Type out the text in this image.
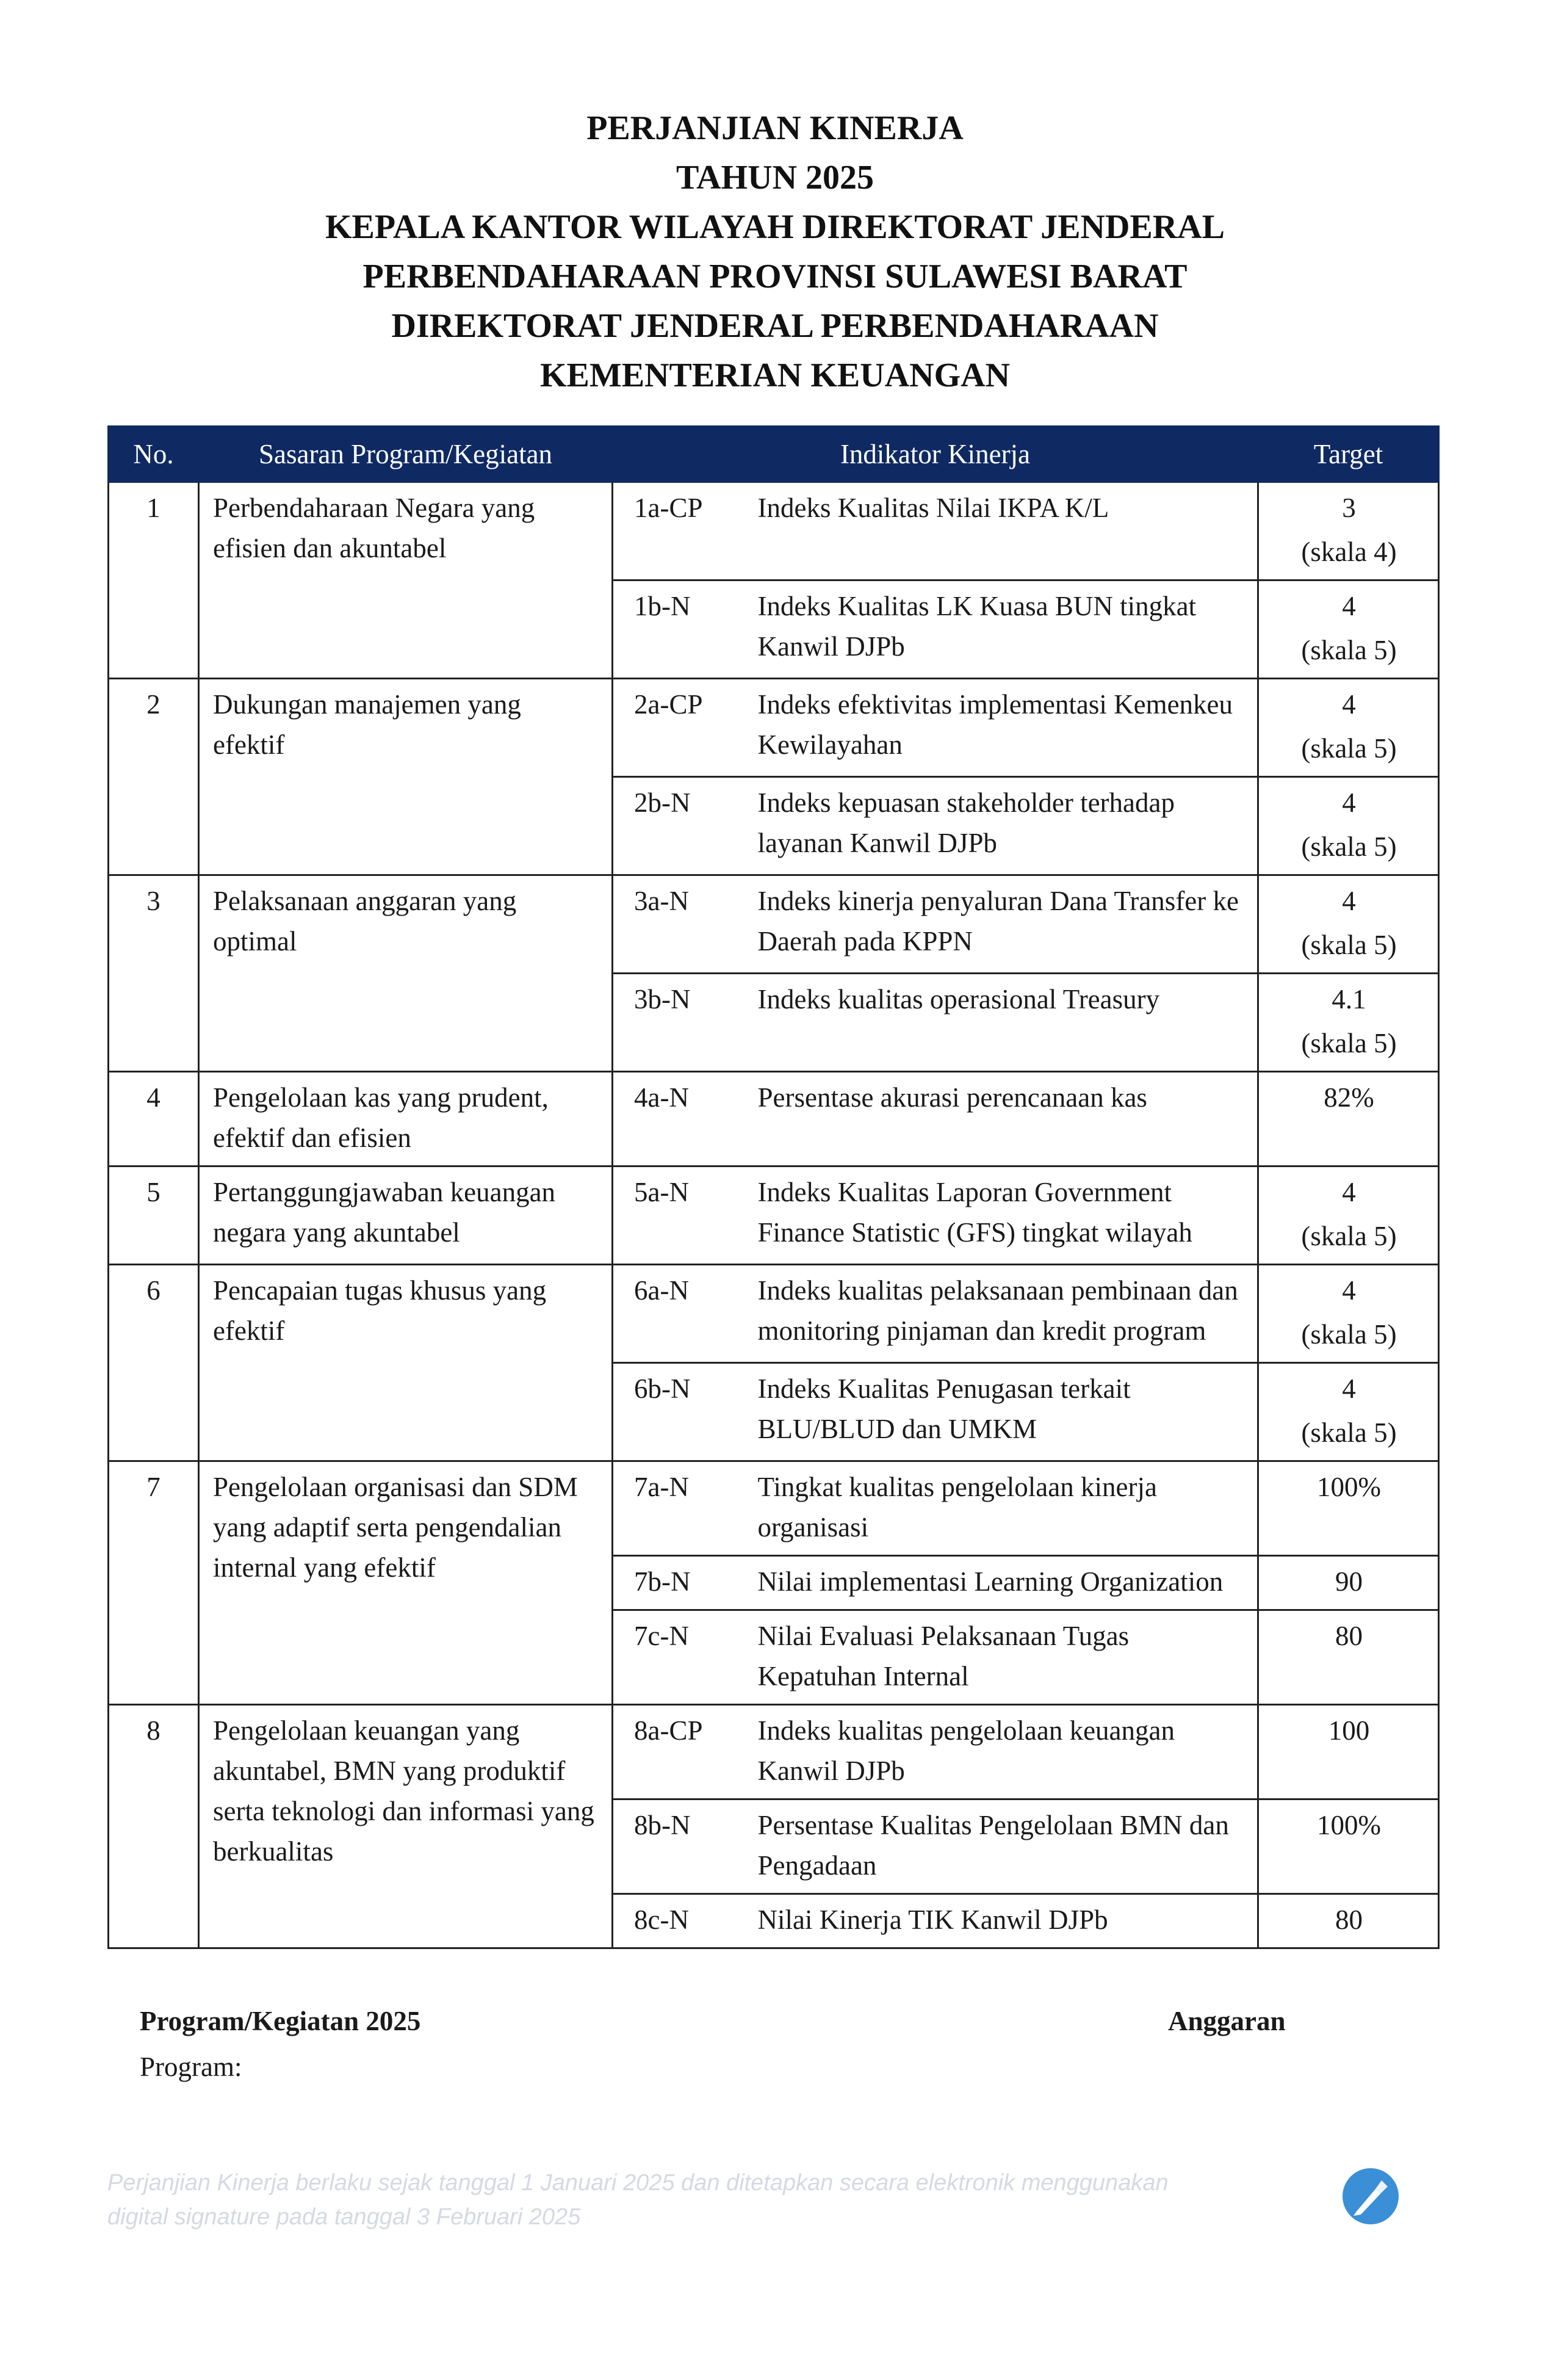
PERJANJIAN KINERJA
TAHUN 2025
KEPALA KANTOR WILAYAH DIREKTORAT JENDERAL
PERBENDAHARAAN PROVINSI SULAWESI BARAT
DIREKTORAT JENDERAL PERBENDAHARAAN
KEMENTERIAN KEUANGAN
No.	Sasaran Program/Kegiatan	Indikator Kinerja		Target
1	Perbendaharaan Negara yang efisien dan akuntabel	1a-CP	Indeks Kualitas Nilai IKPA K/L	3
(skala 4)

		1b-N	Indeks Kualitas LK Kuasa BUN tingkat Kanwil DJPb	4
(skala 5)

2	Dukungan manajemen yang efektif	2a-CP	Indeks efektivitas implementasi Kemenkeu Kewilayahan	4
(skala 5)

		2b-N	Indeks kepuasan stakeholder terhadap layanan Kanwil DJPb	4
(skala 5)

3	Pelaksanaan anggaran yang optimal	3a-N	Indeks kinerja penyaluran Dana Transfer ke Daerah pada KPPN	4
(skala 5)

		3b-N	Indeks kualitas operasional Treasury	4.1
(skala 5)

4	Pengelolaan kas yang prudent, efektif dan efisien	4a-N	Persentase akurasi perencanaan kas	82%

5	Pertanggungjawaban keuangan negara yang akuntabel	5a-N	Indeks Kualitas Laporan Government Finance Statistic (GFS) tingkat wilayah	4
(skala 5)

6	Pencapaian tugas khusus yang efektif	6a-N	Indeks kualitas pelaksanaan pembinaan dan monitoring pinjaman dan kredit program	4
(skala 5)

		6b-N	Indeks Kualitas Penugasan terkait BLU/BLUD dan UMKM	4
(skala 5)

7	Pengelolaan organisasi dan SDM yang adaptif serta pengendalian internal yang efektif	7a-N	Tingkat kualitas pengelolaan kinerja organisasi	100%

		7b-N	Nilai implementasi Learning Organization	90

		7c-N	Nilai Evaluasi Pelaksanaan Tugas Kepatuhan Internal	80

8	Pengelolaan keuangan yang akuntabel, BMN yang produktif serta teknologi dan informasi yang berkualitas	8a-CP	Indeks kualitas pengelolaan keuangan Kanwil DJPb	100

		8b-N	Persentase Kualitas Pengelolaan BMN dan Pengadaan	100%

		8c-N	Nilai Kinerja TIK Kanwil DJPb	80
Program/Kegiatan 2025	Anggaran
Program:
Perjanjian Kinerja berlaku sejak tanggal 1 Januari 2025 dan ditetapkan secara elektronik menggunakan
digital signature pada tanggal 3 Februari 2025
